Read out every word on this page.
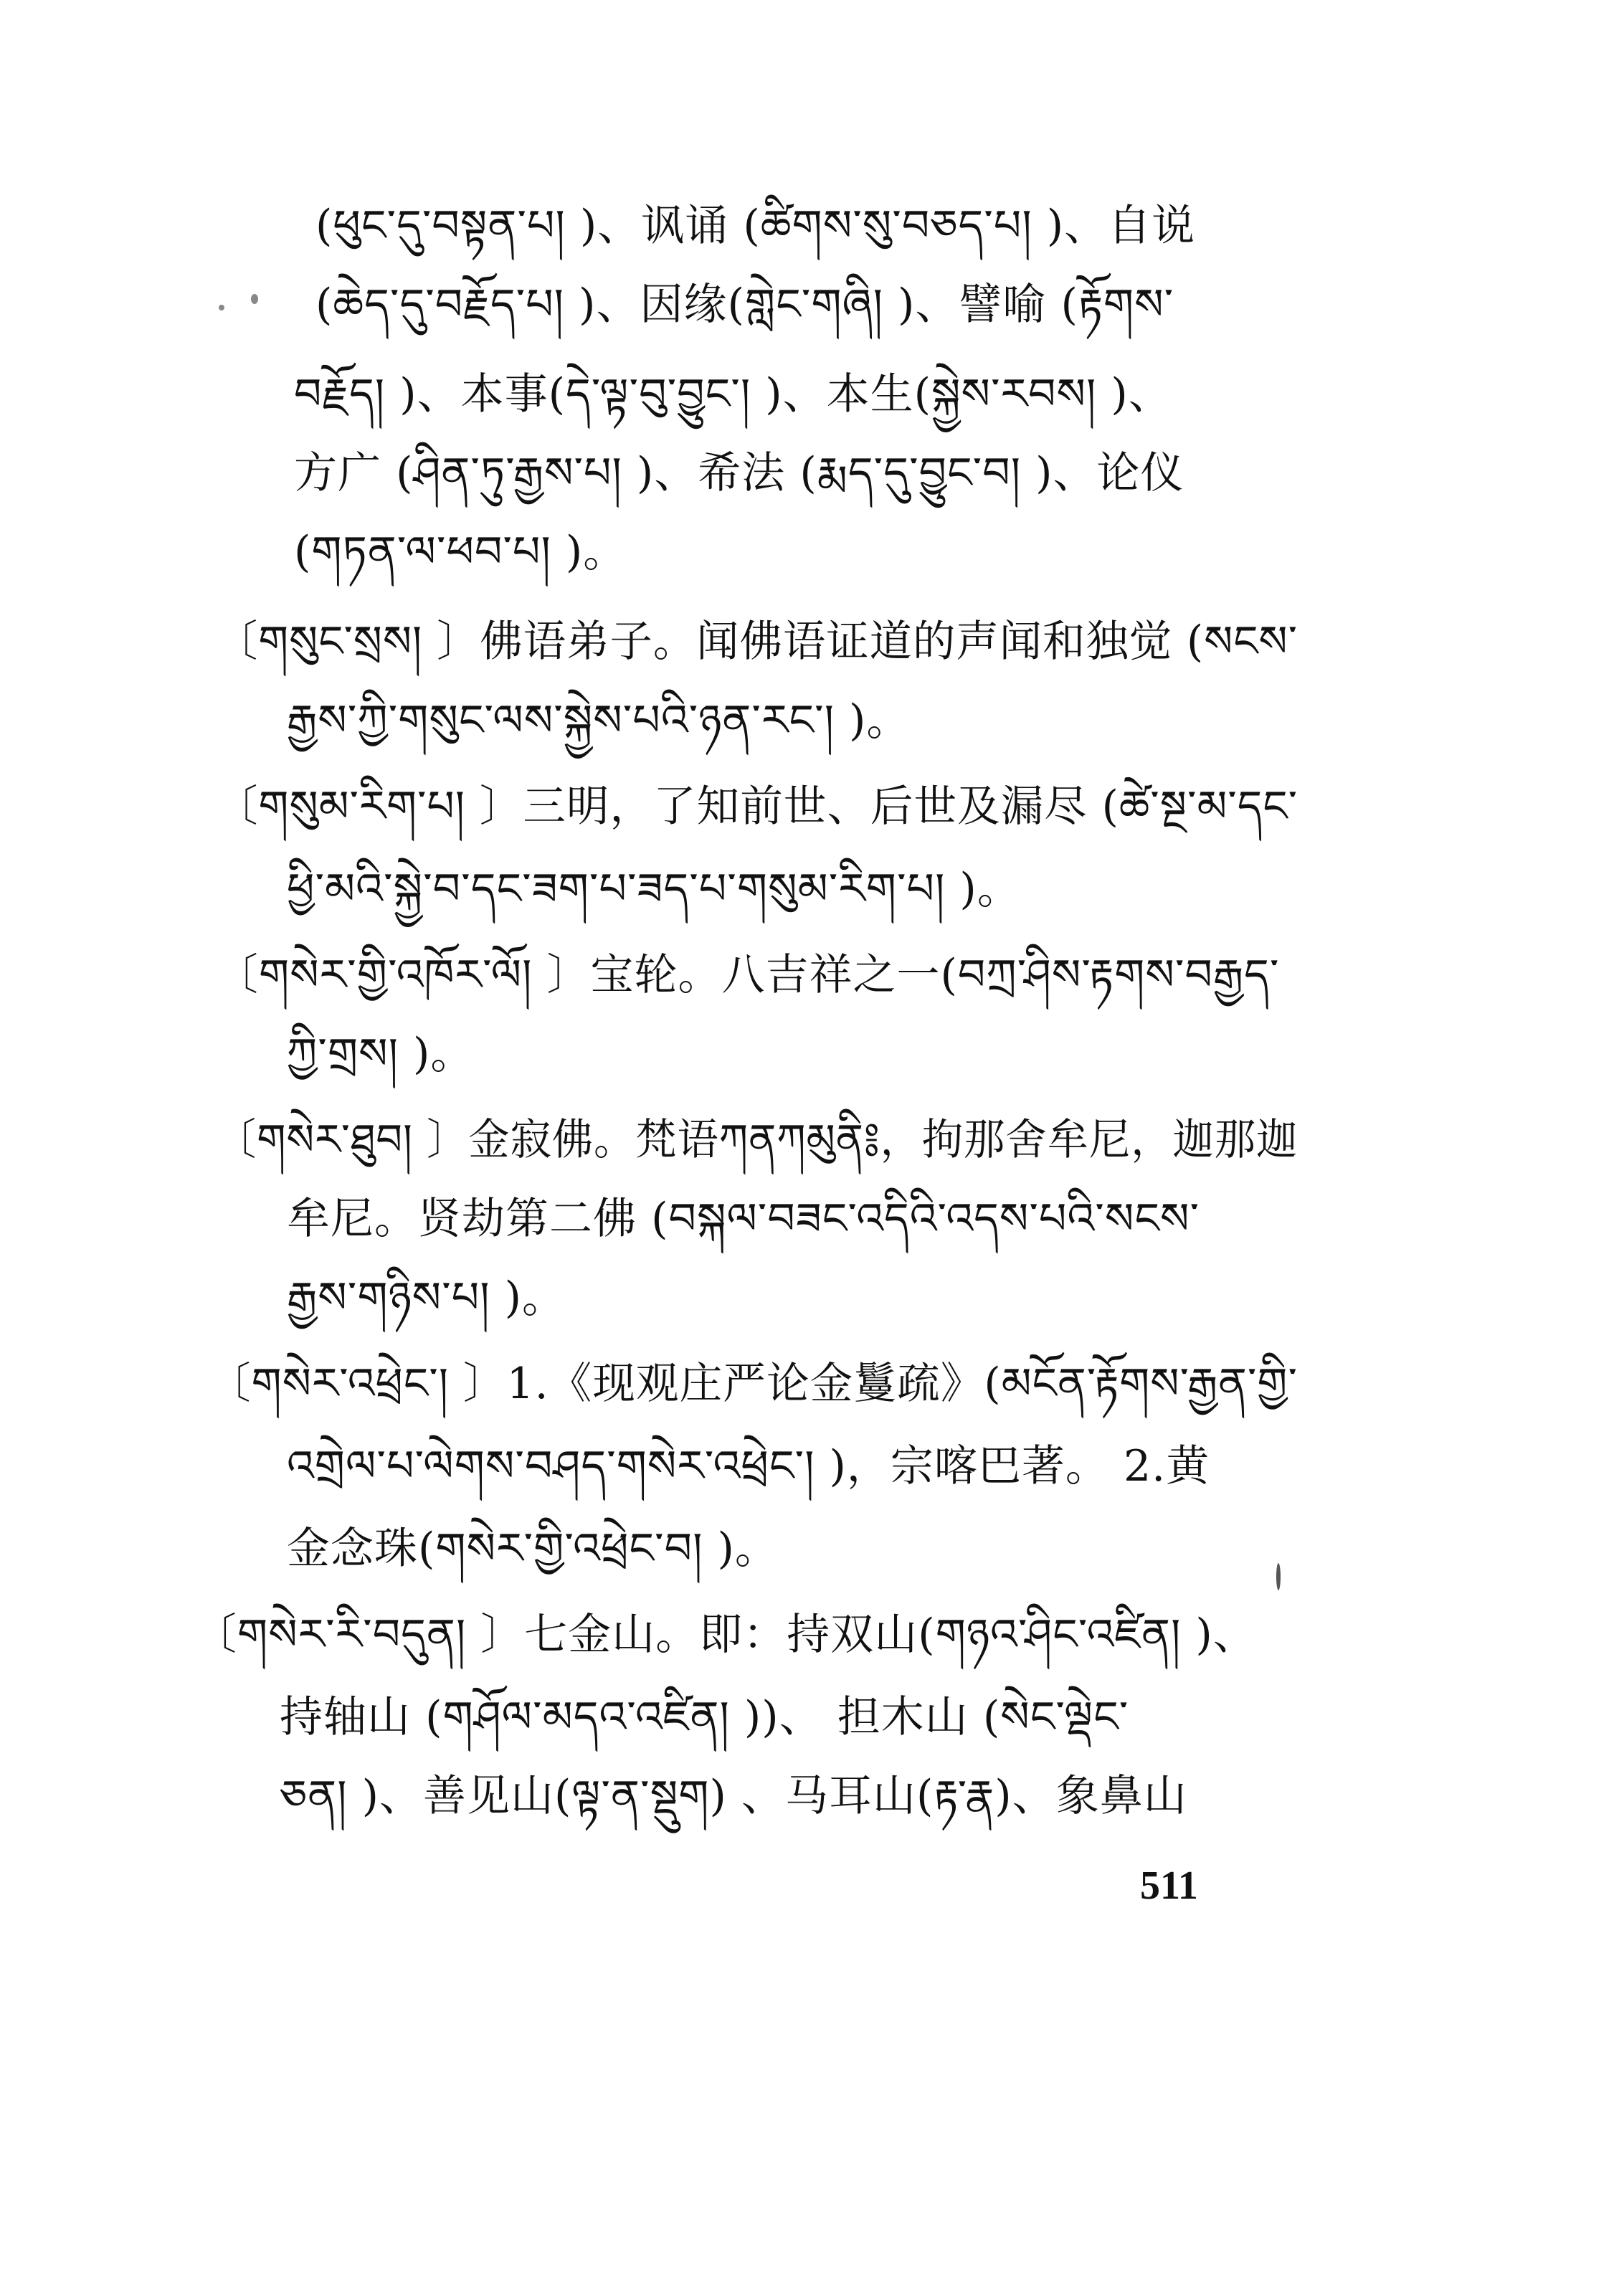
(ཕུང་དུ་བསྟན་པ། )、讽诵 (ཚིགས་སུ་བཅད་པ། )、自说
(ཆེད་དུ་བརྗོད་པ། )、因缘(གླེང་གཞི། )、譬喻 (རྟོགས་
བརྗོད། )、本事(དེ་ལྟ་བུ་བྱུང་། )、本生(སྐྱེས་རབས། )、
方广 (ཤིན་ཏུ་རྒྱས་པ། )、希法 (རྨད་དུ་བྱུང་བ། )、论仪
(གཏན་ལ་ཕབ་པ། )。
〔གསུང་སྲས། 〕佛语弟子。闻佛语证道的声闻和独觉 (སངས་
རྒྱས་ཀྱི་གསུང་ལས་སྐྱེས་པའི་ཉན་རང་། )。
〔གསུམ་རིག་པ། 〕三明，了知前世、后世及漏尽 (ཚེ་སྔ་མ་དང་
ཕྱི་མའི་སྐྱེ་བ་དང་ཟག་པ་ཟད་པ་གསུམ་རིག་པ། )。
〔གསེར་གྱི་འཁོར་ལོ། 〕宝轮。八吉祥之一(བཀྲ་ཤིས་རྟགས་བརྒྱད་
ཀྱི་གྲས། )。
〔གསེར་ཐུབ། 〕金寂佛。梵语ཀནཀམུནི༔，拘那舍牟尼，迦那迦
牟尼。贤劫第二佛 (བསྐལ་བཟང་འདིའི་འདས་པའི་སངས་
རྒྱས་གཉིས་པ། )。
〔གསེར་འཕྲེང་། 〕1.《现观庄严论金鬘疏》(མངོན་རྟོགས་རྒྱན་གྱི་
འགྲེལ་པ་ལེགས་བཤད་གསེར་འཕྲེང་། )，宗喀巴著。 2.黄
金念珠(གསེར་གྱི་འཕྲེང་བ། )。
〔གསེར་རི་བདུན། 〕七金山。即：持双山(གཉའ་ཤིང་འཛིན། )、
持轴山 (གཤོལ་མདའ་འཛིན། ))、 担木山 (སེང་ལྡེང་
ཅན། )、善见山(ལྟ་ན་སྡུག) 、马耳山(རྟ་རྣ)、象鼻山
511
